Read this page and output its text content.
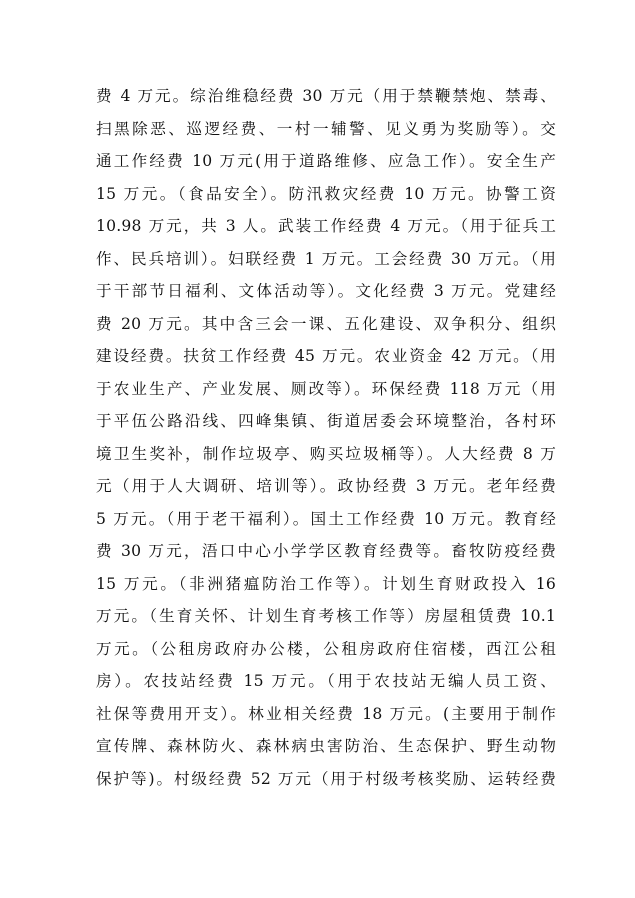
费 4 万元。综治维稳经费 30 万元（用于禁鞭禁炮、禁毒、
扫黑除恶、巡逻经费、一村一辅警、见义勇为奖励等）。交
通工作经费 10 万元(用于道路维修、应急工作）。安全生产
15 万元。（食品安全）。防汛救灾经费 10 万元。协警工资
10.98 万元，共 3 人。武装工作经费 4 万元。（用于征兵工
作、民兵培训）。妇联经费 1 万元。工会经费 30 万元。（用
于干部节日福利、文体活动等）。文化经费 3 万元。党建经
费 20 万元。其中含三会一课、五化建设、双争积分、组织
建设经费。扶贫工作经费 45 万元。农业资金 42 万元。（用
于农业生产、产业发展、厕改等）。环保经费 118 万元（用
于平伍公路沿线、四峰集镇、街道居委会环境整治，各村环
境卫生奖补，制作垃圾亭、购买垃圾桶等）。人大经费 8 万
元（用于人大调研、培训等）。政协经费 3 万元。老年经费
5 万元。（用于老干福利）。国土工作经费 10 万元。教育经
费 30 万元，浯口中心小学学区教育经费等。畜牧防疫经费
15 万元。（非洲猪瘟防治工作等）。计划生育财政投入 16
万元。（生育关怀、计划生育考核工作等）房屋租赁费 10.1
万元。（公租房政府办公楼，公租房政府住宿楼，西江公租
房）。农技站经费 15 万元。（用于农技站无编人员工资、
社保等费用开支）。林业相关经费 18 万元。(主要用于制作
宣传牌、森林防火、森林病虫害防治、生态保护、野生动物
保护等)。村级经费 52 万元（用于村级考核奖励、运转经费
